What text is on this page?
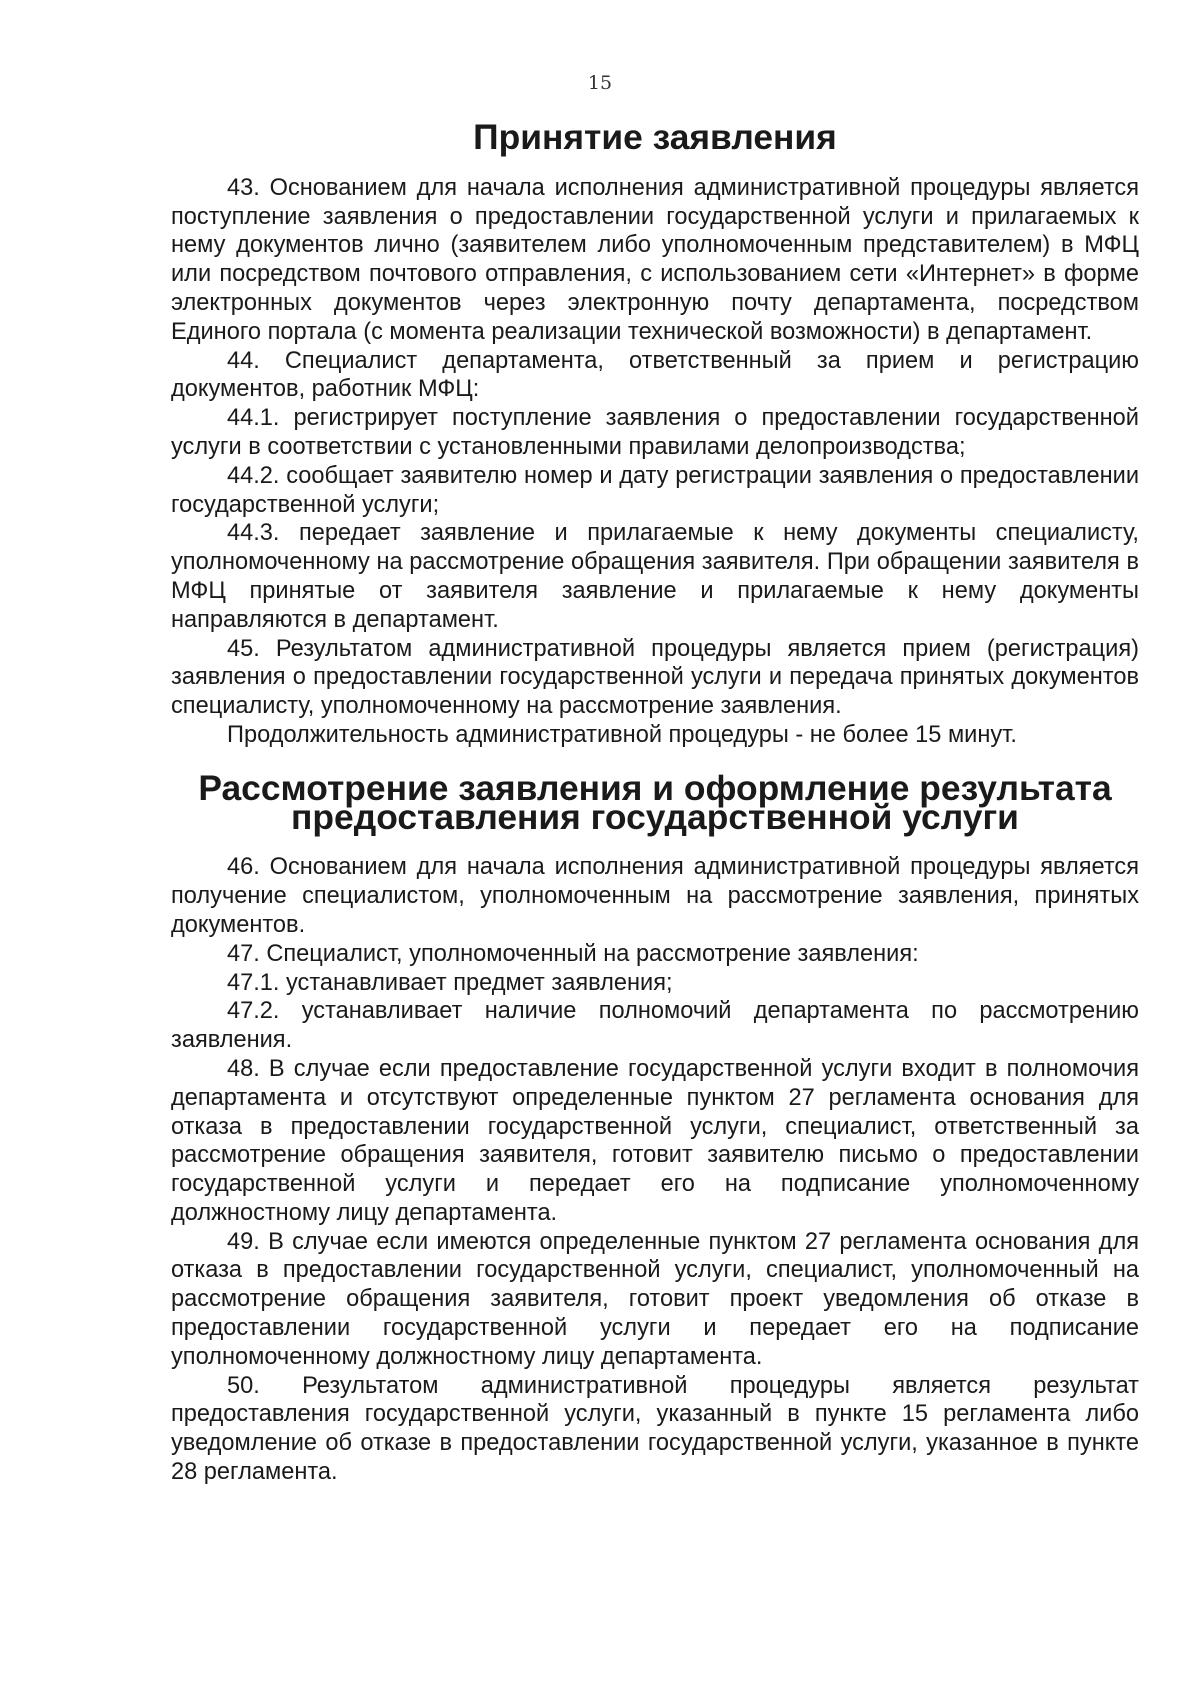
15
Принятие заявления

43. Основанием для начала исполнения административной процедуры является поступление заявления о предоставлении государственной услуги и прилагаемых к нему документов лично (заявителем либо уполномоченным представителем) в МФЦ или посредством почтового отправления, с использованием сети «Интернет» в форме электронных документов через электронную почту департамента, посредством Единого портала (с момента реализации технической возможности) в департамент.

44. Специалист департамента, ответственный за прием и регистрацию документов, работник МФЦ:

44.1. регистрирует поступление заявления о предоставлении государственной услуги в соответствии с установленными правилами делопроизводства;

44.2. сообщает заявителю номер и дату регистрации заявления о предоставлении государственной услуги;

44.3. передает заявление и прилагаемые к нему документы специалисту, уполномоченному на рассмотрение обращения заявителя. При обращении заявителя в МФЦ принятые от заявителя заявление и прилагаемые к нему документы направляются в департамент.

45. Результатом административной процедуры является прием (регистрация) заявления о предоставлении государственной услуги и передача принятых документов специалисту, уполномоченному на рассмотрение заявления.

Продолжительность административной процедуры - не более 15 минут.

Рассмотрение заявления и оформление результата предоставления государственной услуги

46. Основанием для начала исполнения административной процедуры является получение специалистом, уполномоченным на рассмотрение заявления, принятых документов.

47. Специалист, уполномоченный на рассмотрение заявления:

47.1. устанавливает предмет заявления;

47.2. устанавливает наличие полномочий департамента по рассмотрению заявления.

48. В случае если предоставление государственной услуги входит в полномочия департамента и отсутствуют определенные пунктом 27 регламента основания для отказа в предоставлении государственной услуги, специалист, ответственный за рассмотрение обращения заявителя, готовит заявителю письмо о предоставлении государственной услуги и передает его на подписание уполномоченному должностному лицу департамента.

49. В случае если имеются определенные пунктом 27 регламента основания для отказа в предоставлении государственной услуги, специалист, уполномоченный на рассмотрение обращения заявителя, готовит проект уведомления об отказе в предоставлении государственной услуги и передает его на подписание уполномоченному должностному лицу департамента.

50. Результатом административной процедуры является результат предоставления государственной услуги, указанный в пункте 15 регламента либо уведомление об отказе в предоставлении государственной услуги, указанное в пункте 28 регламента.
